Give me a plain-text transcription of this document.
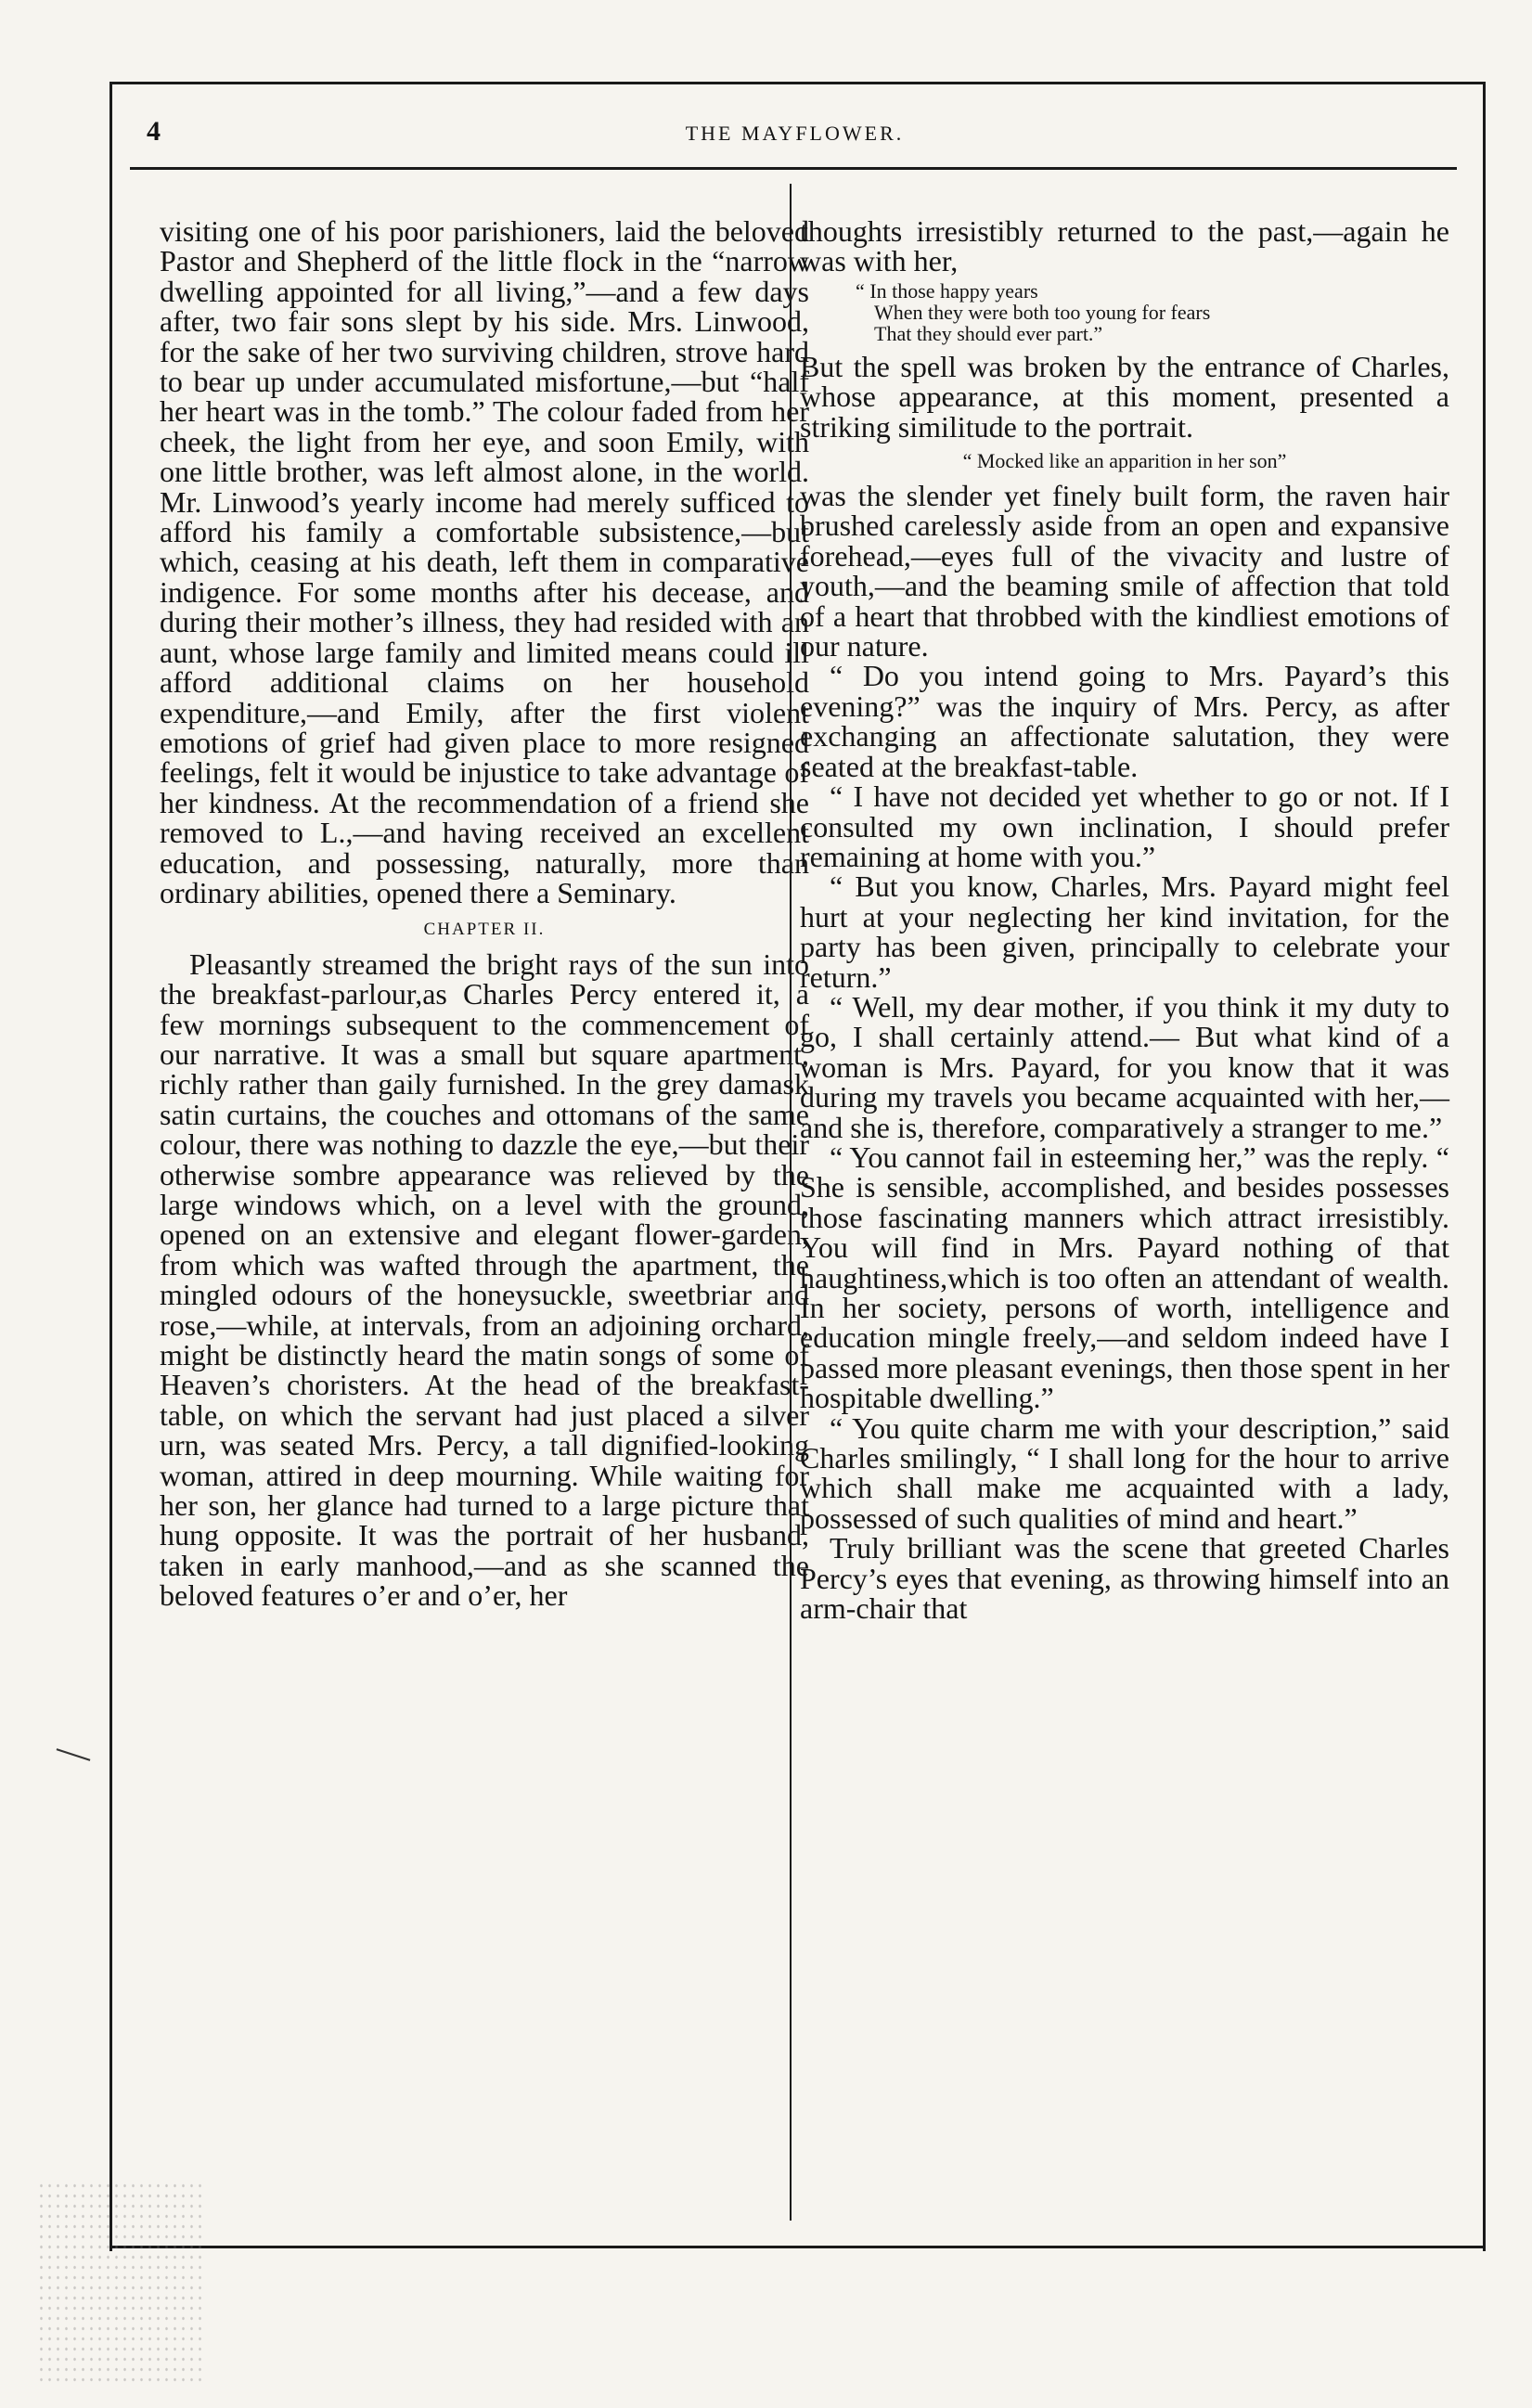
4	THE MAYFLOWER.

visiting one of his poor parishioners, laid the beloved Pastor and Shepherd of the little flock in the “narrow dwelling appointed for all living,”—and a few days after, two fair sons slept by his side. Mrs. Linwood, for the sake of her two surviving children, strove hard to bear up under accumulated misfortune,—but “half her heart was in the tomb.” The colour faded from her cheek, the light from her eye, and soon Emily, with one little brother, was left almost alone, in the world. Mr. Linwood’s yearly income had merely sufficed to afford his family a comfortable subsistence,—but which, ceasing at his death, left them in comparative indigence. For some months after his decease, and during their mother’s illness, they had resided with an aunt, whose large family and limited means could ill afford additional claims on her household expenditure,—and Emily, after the first violent emotions of grief had given place to more resigned feelings, felt it would be injustice to take advantage of her kindness. At the recommendation of a friend she removed to L.,—and having received an excellent education, and possessing, naturally, more than ordinary abilities, opened there a Seminary.

CHAPTER II.

Pleasantly streamed the bright rays of the sun into the breakfast-parlour,as Charles Percy entered it, a few mornings subsequent to the commencement of our narrative. It was a small but square apartment, richly rather than gaily furnished. In the grey damask satin curtains, the couches and ottomans of the same colour, there was nothing to dazzle the eye,—but their otherwise sombre appearance was relieved by the large windows which, on a level with the ground, opened on an extensive and elegant flower-garden, from which was wafted through the apartment, the mingled odours of the honeysuckle, sweetbriar and rose,—while, at intervals, from an adjoining orchard, might be distinctly heard the matin songs of some of Heaven’s choristers. At the head of the breakfast-table, on which the servant had just placed a silver urn, was seated Mrs. Percy, a tall dignified-looking woman, attired in deep mourning. While waiting for her son, her glance had turned to a large picture that hung opposite. It was the portrait of her husband, taken in early manhood,—and as she scanned the beloved features o’er and o’er, her

thoughts irresistibly returned to the past,—again he was with her,

“ In those happy years
When they were both too young for fears
That they should ever part.”

But the spell was broken by the entrance of Charles, whose appearance, at this moment, presented a striking similitude to the portrait.

“ Mocked like an apparition in her son”

was the slender yet finely built form, the raven hair brushed carelessly aside from an open and expansive forehead,—eyes full of the vivacity and lustre of youth,—and the beaming smile of affection that told of a heart that throbbed with the kindliest emotions of our nature.

“ Do you intend going to Mrs. Payard’s this evening?” was the inquiry of Mrs. Percy, as after exchanging an affectionate salutation, they were seated at the breakfast-table.

“ I have not decided yet whether to go or not. If I consulted my own inclination, I should prefer remaining at home with you.”

“ But you know, Charles, Mrs. Payard might feel hurt at your neglecting her kind invitation, for the party has been given, principally to celebrate your return.”

“ Well, my dear mother, if you think it my duty to go, I shall certainly attend.— But what kind of a woman is Mrs. Payard, for you know that it was during my travels you became acquainted with her,—and she is, therefore, comparatively a stranger to me.”

“ You cannot fail in esteeming her,” was the reply. “ She is sensible, accomplished, and besides possesses those fascinating manners which attract irresistibly. You will find in Mrs. Payard nothing of that haughtiness,which is too often an attendant of wealth. In her society, persons of worth, intelligence and education mingle freely,—and seldom indeed have I passed more pleasant evenings, then those spent in her hospitable dwelling.”

“ You quite charm me with your description,” said Charles smilingly, “ I shall long for the hour to arrive which shall make me acquainted with a lady, possessed of such qualities of mind and heart.”

Truly brilliant was the scene that greeted Charles Percy’s eyes that evening, as throwing himself into an arm-chair that
